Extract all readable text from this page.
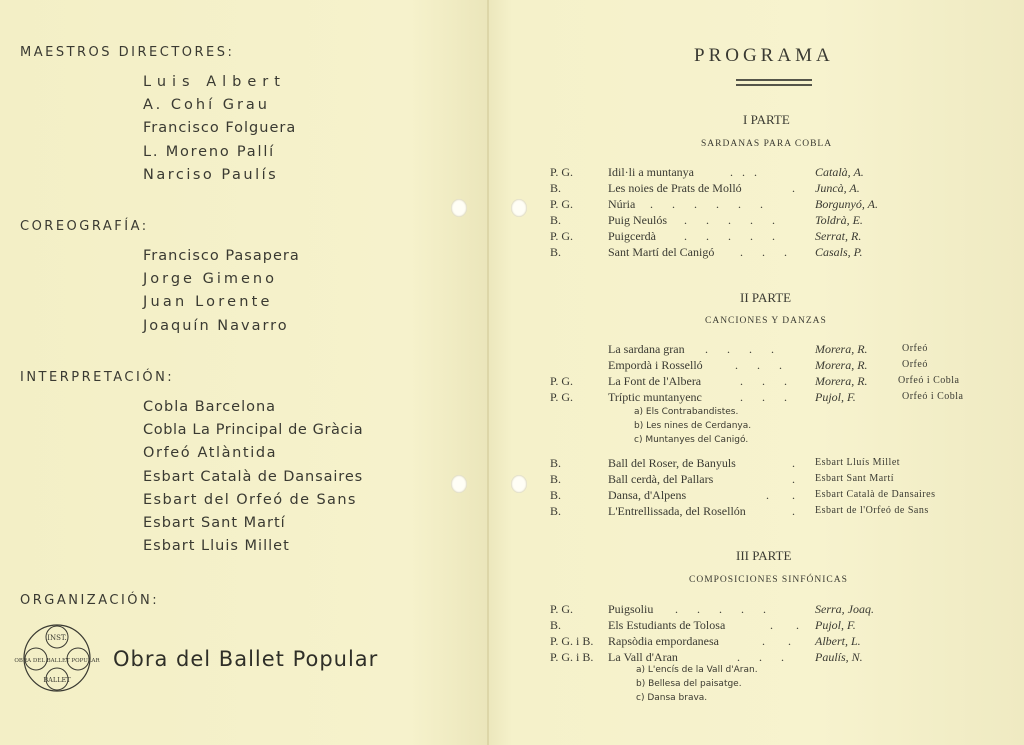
MAESTROS DIRECTORES:
Luis Albert
A. Cohí Grau
Francisco Folguera
L. Moreno Pallí
Narciso Paulís
COREOGRAFÍA:
Francisco Pasapera
Jorge Gimeno
Juan Lorente
Joaquín Navarro
INTERPRETACIÓN:
Cobla Barcelona
Cobla La Principal de Gràcia
Orfeó Atlàntida
Esbart Català de Dansaires
Esbart del Orfeó de Sans
Esbart Sant Martí
Esbart Lluis Millet
ORGANIZACIÓN:
INST.
OBRA DEL BALLET POPULAR
BALLET
Obra del Ballet Popular
PROGRAMA
I PARTE
SARDANAS PARA COBLA
P. G.	Idil·li a muntanya	. . .	Català, A.
B.	Les noies de Prats de Molló	. Juncà, A.
P. G.	Núria . . . . . .	Borgunyó, A.
B.	Puig Neulós . . . . .	Toldrà, E.
P. G.	Puigcerdà . . . . .	Serrat, R.
B.	Sant Martí del Canigó . . . Casals, P.
II PARTE
CANCIONES Y DANZAS
La sardana gran . . . .	Morera, R.	Orfeó
Empordà i Rosselló	. . . Morera, R.	Orfeó
P. G.	La Font de l'Albera	. . . Morera, R.	Orfeó i Cobla
P. G.	Tríptic muntanyenc	. . . Pujol, F.	Orfeó i Cobla
a) Els Contrabandistes.
b) Les nines de Cerdanya.
c) Muntanyes del Canigó.
B.	Ball del Roser, de Banyuls	. Esbart Lluís Millet
B.	Ball cerdà, del Pallars	. Esbart Sant Martí
B.	Dansa, d'Alpens	. . Esbart Català de Dansaires
B.	L'Entrellissada, del Rosellón	. Esbart de l'Orfeó de Sans
III PARTE
COMPOSICIONES SINFÓNICAS
P. G.	Puigsoliu . . . . .	Serra, Joaq.
B.	Els Estudiants de Tolosa	. . Pujol, F.
P. G. i B. Rapsòdia empordanesa	. . Albert, L.
P. G. i B. La Vall d'Aran	. . . Paulís, N.
a) L'encís de la Vall d'Aran.
b) Bellesa del paisatge.
c) Dansa brava.
